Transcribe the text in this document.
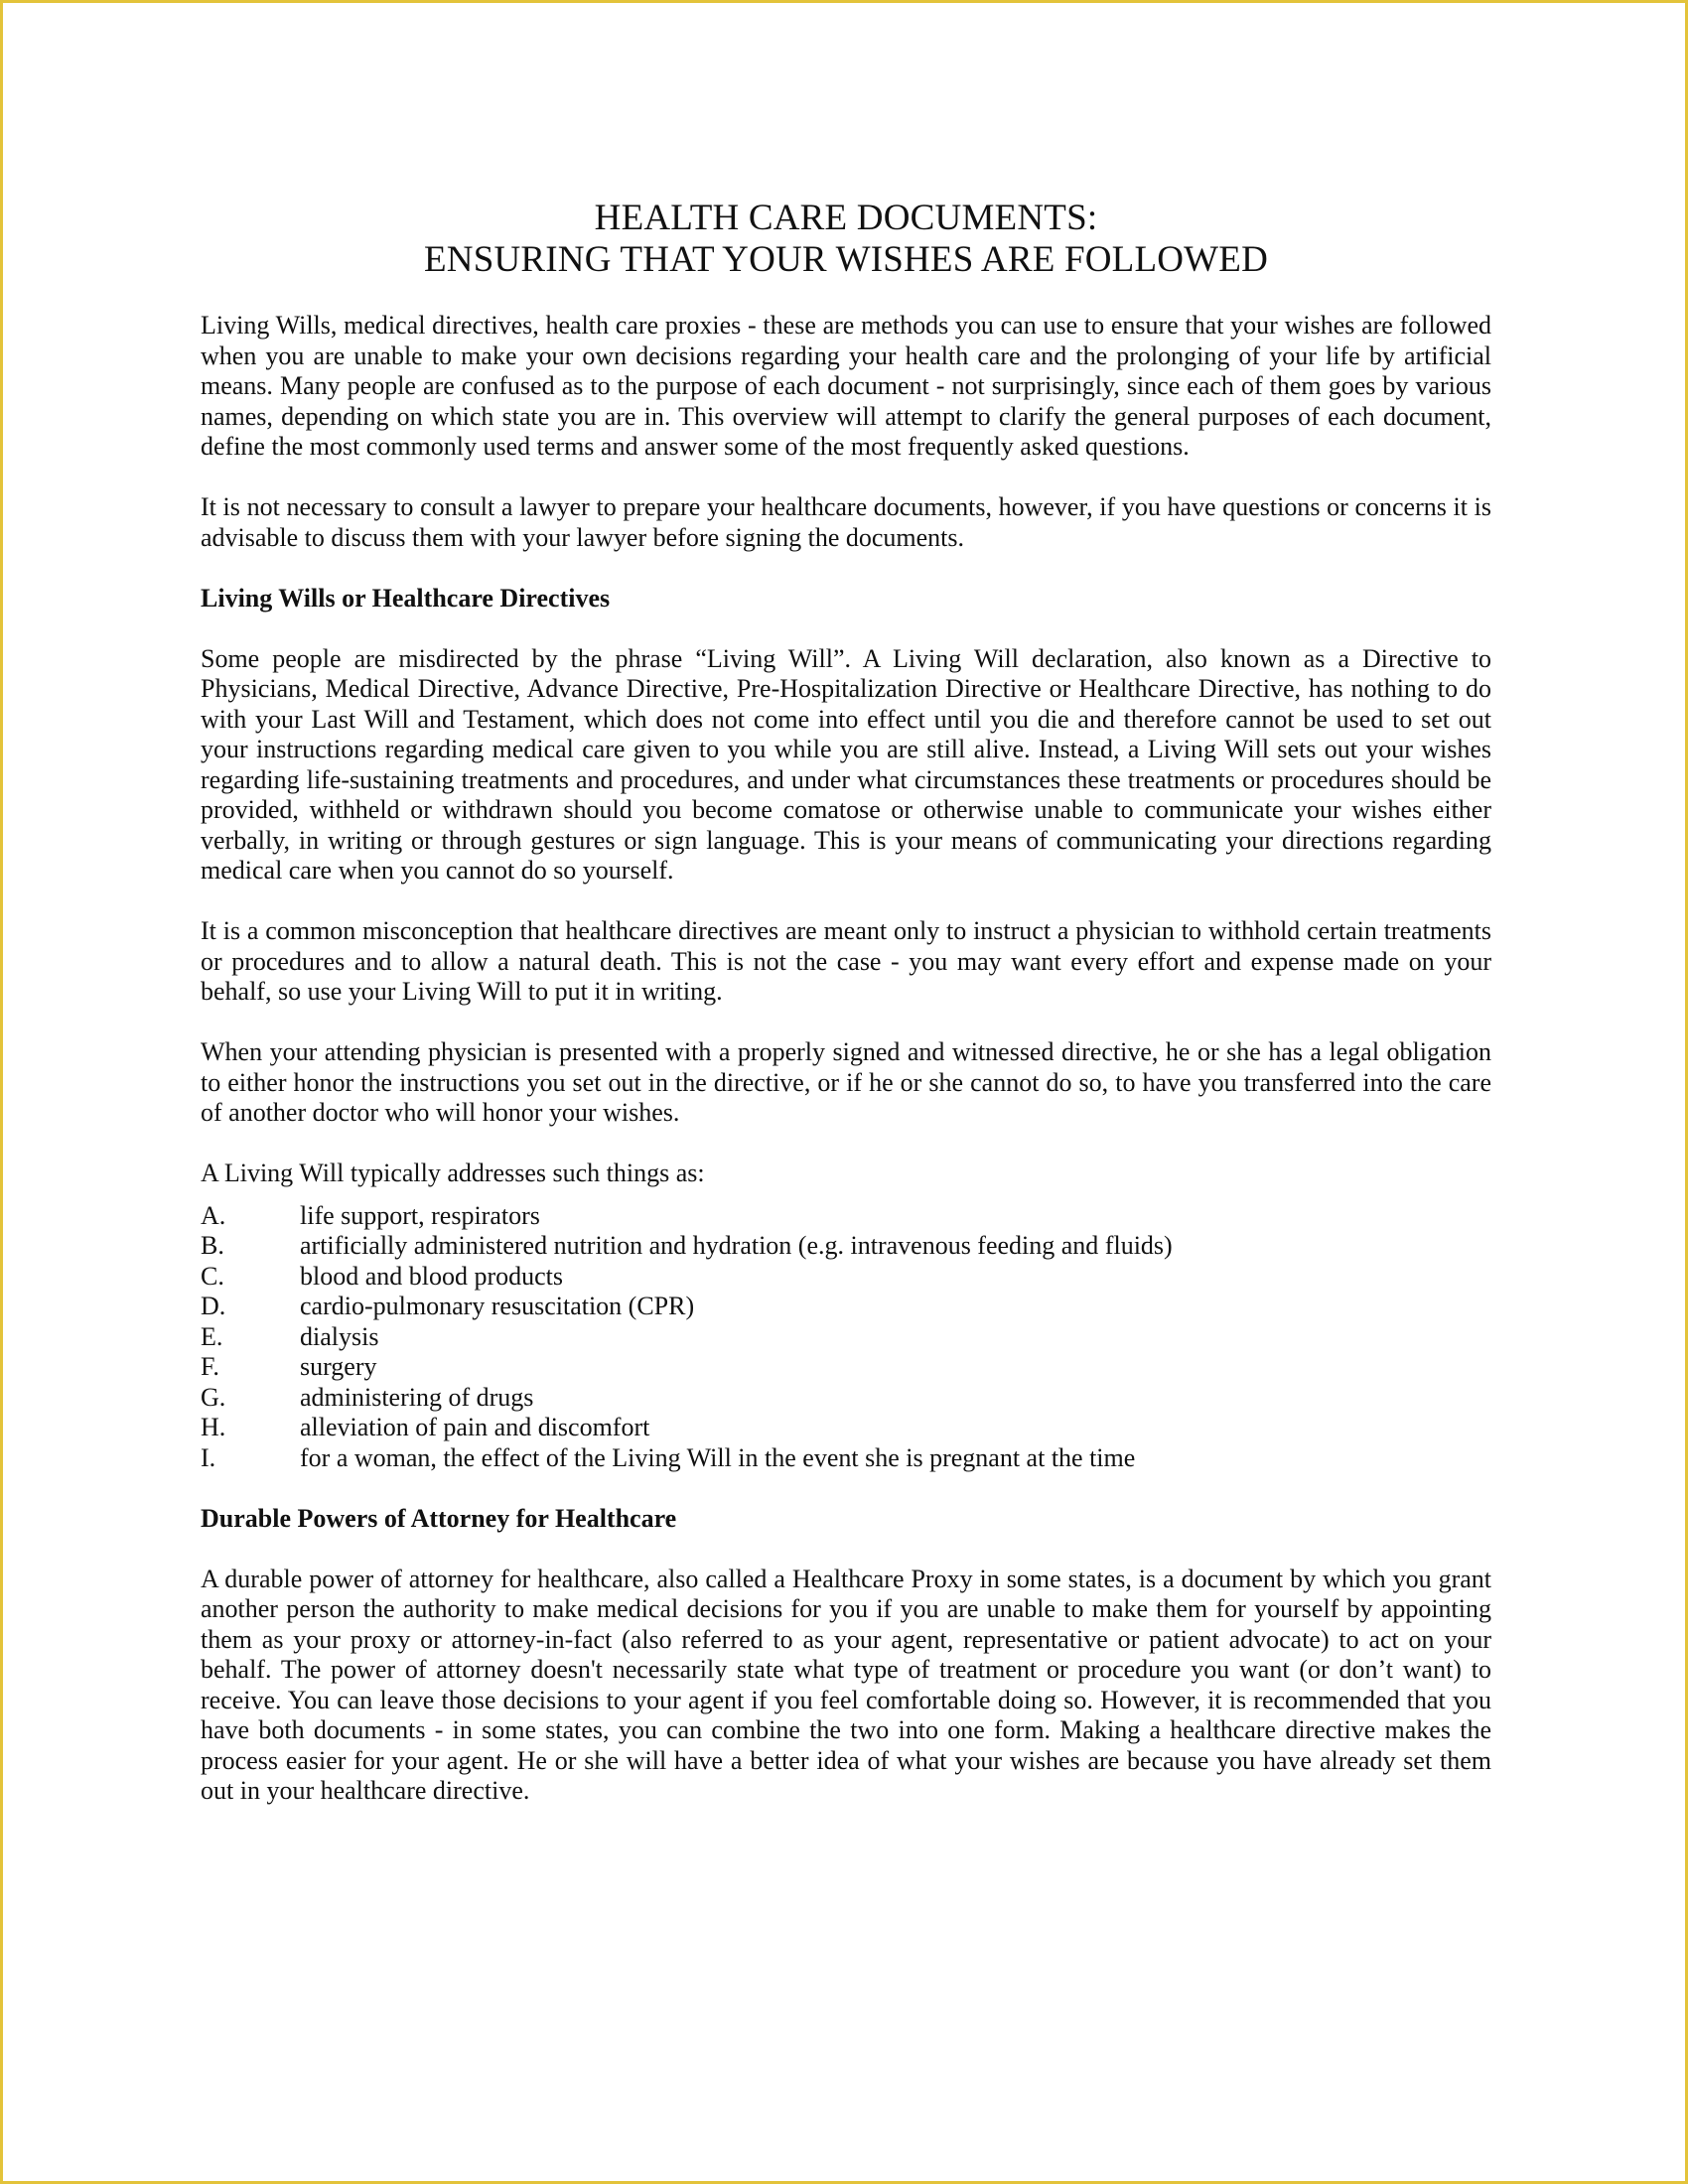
HEALTH CARE DOCUMENTS:
ENSURING THAT YOUR WISHES ARE FOLLOWED

Living Wills, medical directives, health care proxies - these are methods you can use to ensure that your wishes are followed when you are unable to make your own decisions regarding your health care and the prolonging of your life by artificial means. Many people are confused as to the purpose of each document - not surprisingly, since each of them goes by various names, depending on which state you are in. This overview will attempt to clarify the general purposes of each document, define the most commonly used terms and answer some of the most frequently asked questions.

It is not necessary to consult a lawyer to prepare your healthcare documents, however, if you have questions or concerns it is advisable to discuss them with your lawyer before signing the documents.

Living Wills or Healthcare Directives

Some people are misdirected by the phrase “Living Will”. A Living Will declaration, also known as a Directive to Physicians, Medical Directive, Advance Directive, Pre-Hospitalization Directive or Healthcare Directive, has nothing to do with your Last Will and Testament, which does not come into effect until you die and therefore cannot be used to set out your instructions regarding medical care given to you while you are still alive. Instead, a Living Will sets out your wishes regarding life-sustaining treatments and procedures, and under what circumstances these treatments or procedures should be provided, withheld or withdrawn should you become comatose or otherwise unable to communicate your wishes either verbally, in writing or through gestures or sign language. This is your means of communicating your directions regarding medical care when you cannot do so yourself.

It is a common misconception that healthcare directives are meant only to instruct a physician to withhold certain treatments or procedures and to allow a natural death. This is not the case - you may want every effort and expense made on your behalf, so use your Living Will to put it in writing.

When your attending physician is presented with a properly signed and witnessed directive, he or she has a legal obligation to either honor the instructions you set out in the directive, or if he or she cannot do so, to have you transferred into the care of another doctor who will honor your wishes.

A Living Will typically addresses such things as:

A.	life support, respirators
B.	artificially administered nutrition and hydration (e.g. intravenous feeding and fluids)
C.	blood and blood products
D.	cardio-pulmonary resuscitation (CPR)
E.	dialysis
F.	surgery
G.	administering of drugs
H.	alleviation of pain and discomfort
I.	for a woman, the effect of the Living Will in the event she is pregnant at the time
Durable Powers of Attorney for Healthcare

A durable power of attorney for healthcare, also called a Healthcare Proxy in some states, is a document by which you grant another person the authority to make medical decisions for you if you are unable to make them for yourself by appointing them as your proxy or attorney-in-fact (also referred to as your agent, representative or patient advocate) to act on your behalf. The power of attorney doesn't necessarily state what type of treatment or procedure you want (or don’t want) to receive. You can leave those decisions to your agent if you feel comfortable doing so. However, it is recommended that you have both documents - in some states, you can combine the two into one form. Making a healthcare directive makes the process easier for your agent. He or she will have a better idea of what your wishes are because you have already set them out in your healthcare directive.
